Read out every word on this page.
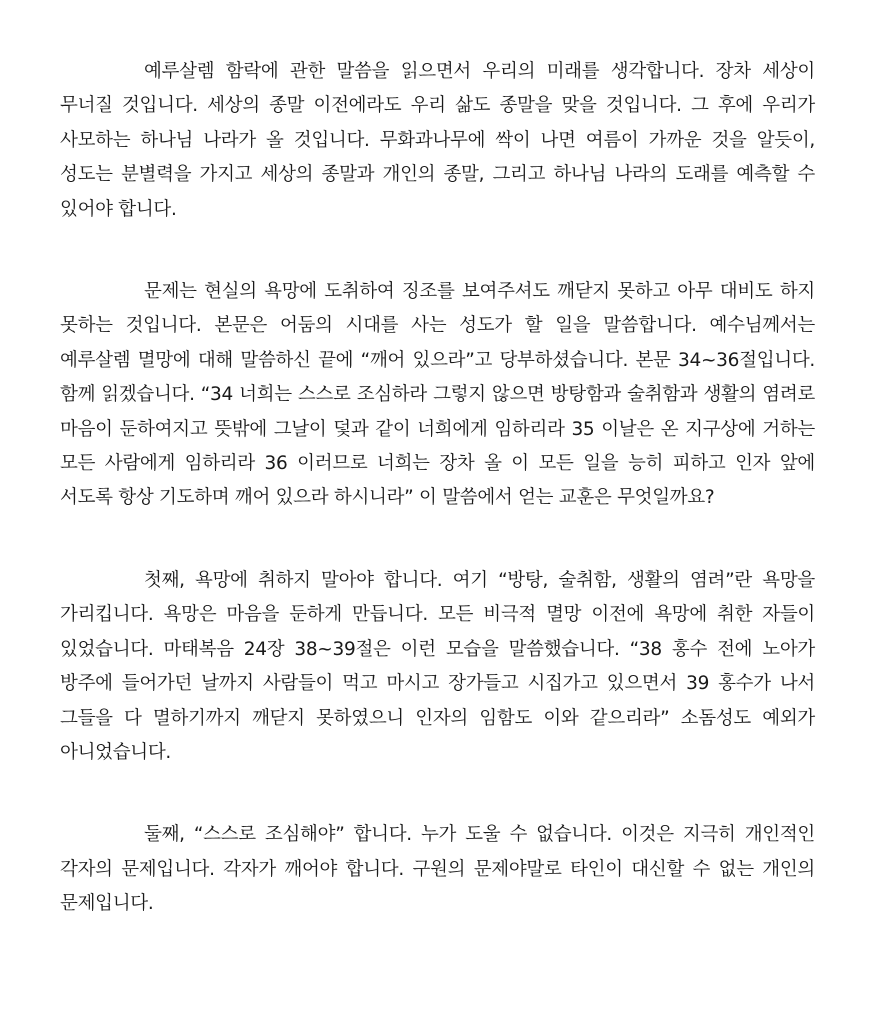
예루살렘 함락에 관한 말씀을 읽으면서 우리의 미래를 생각합니다. 장차 세상이 무너질 것입니다. 세상의 종말 이전에라도 우리 삶도 종말을 맞을 것입니다. 그 후에 우리가 사모하는 하나님 나라가 올 것입니다. 무화과나무에 싹이 나면 여름이 가까운 것을 알듯이, 성도는 분별력을 가지고 세상의 종말과 개인의 종말, 그리고 하나님 나라의 도래를 예측할 수 있어야 합니다.

문제는 현실의 욕망에 도취하여 징조를 보여주셔도 깨닫지 못하고 아무 대비도 하지 못하는 것입니다. 본문은 어둠의 시대를 사는 성도가 할 일을 말씀합니다. 예수님께서는 예루살렘 멸망에 대해 말씀하신 끝에 “깨어 있으라”고 당부하셨습니다. 본문 34~36절입니다. 함께 읽겠습니다. “34 너희는 스스로 조심하라 그렇지 않으면 방탕함과 술취함과 생활의 염려로 마음이 둔하여지고 뜻밖에 그날이 덫과 같이 너희에게 임하리라 35 이날은 온 지구상에 거하는 모든 사람에게 임하리라 36 이러므로 너희는 장차 올 이 모든 일을 능히 피하고 인자 앞에 서도록 항상 기도하며 깨어 있으라 하시니라” 이 말씀에서 얻는 교훈은 무엇일까요?

첫째, 욕망에 취하지 말아야 합니다. 여기 “방탕, 술취함, 생활의 염려”란 욕망을 가리킵니다. 욕망은 마음을 둔하게 만듭니다. 모든 비극적 멸망 이전에 욕망에 취한 자들이 있었습니다. 마태복음 24장 38~39절은 이런 모습을 말씀했습니다. “38 홍수 전에 노아가 방주에 들어가던 날까지 사람들이 먹고 마시고 장가들고 시집가고 있으면서 39 홍수가 나서 그들을 다 멸하기까지 깨닫지 못하였으니 인자의 임함도 이와 같으리라” 소돔성도 예외가 아니었습니다.

둘째, “스스로 조심해야” 합니다. 누가 도울 수 없습니다. 이것은 지극히 개인적인 각자의 문제입니다. 각자가 깨어야 합니다. 구원의 문제야말로 타인이 대신할 수 없는 개인의 문제입니다.
